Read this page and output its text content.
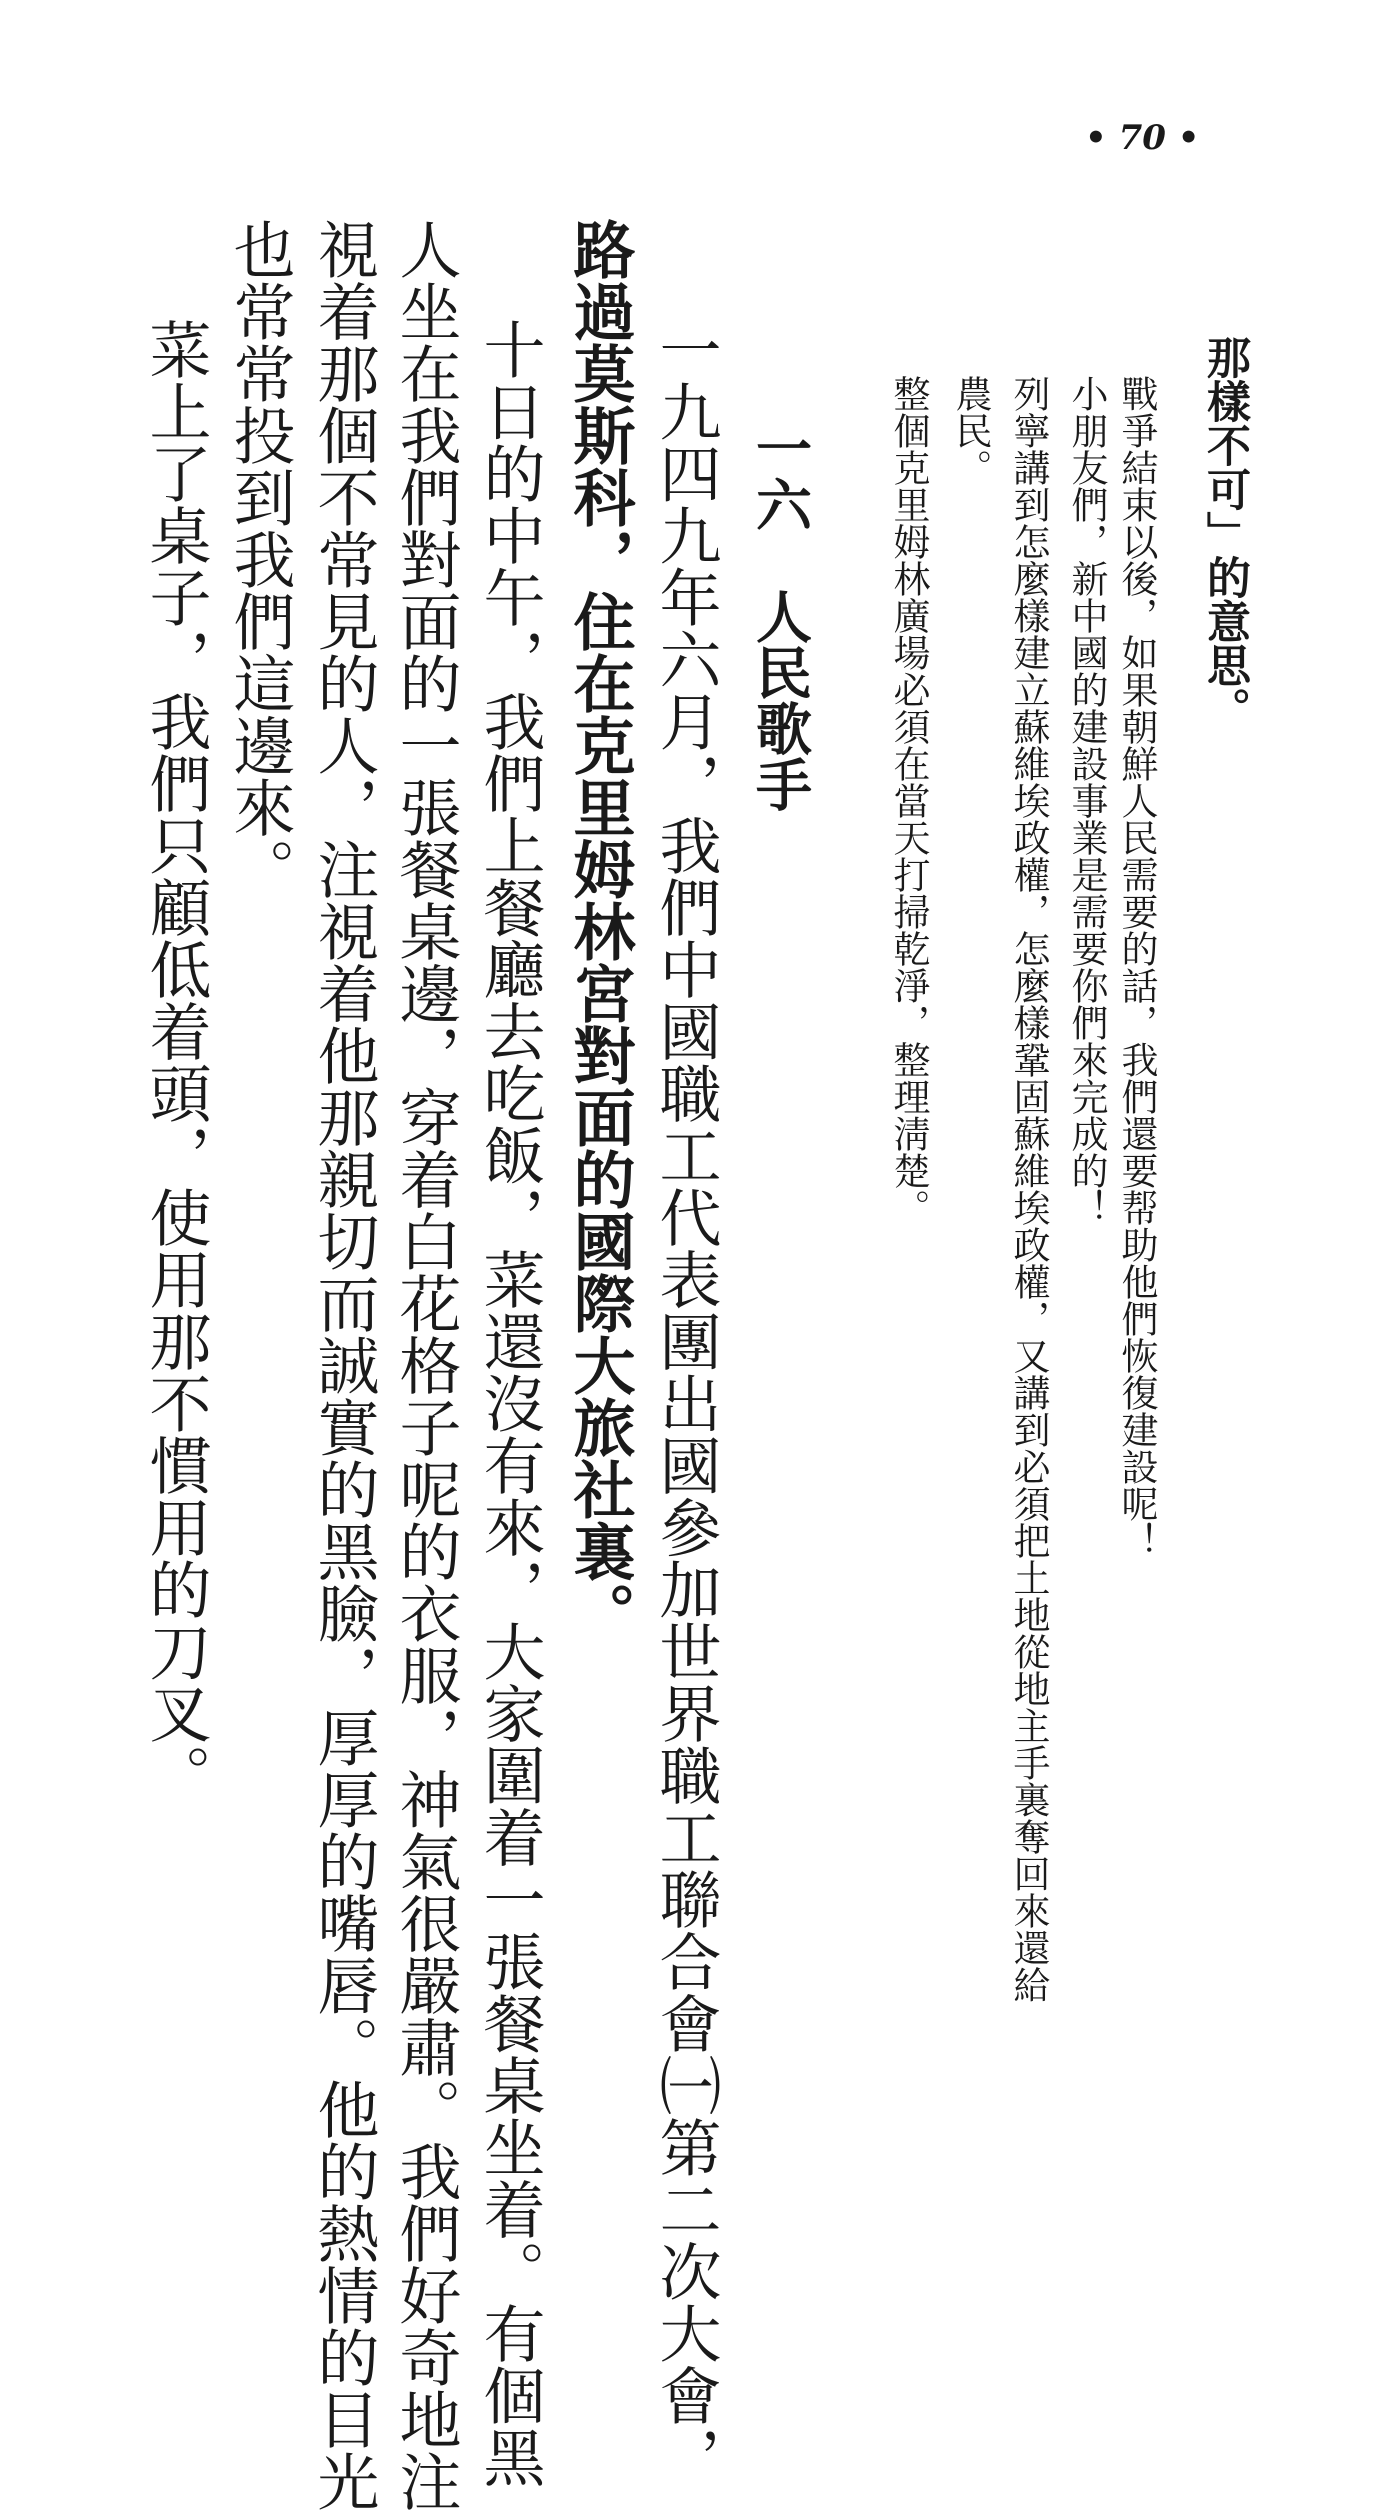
• 70 •
那樣不可」的意思。
戰爭結束以後，如果朝鮮人民需要的話，我們還要帮助他們恢復建設呢！
小朋友們，新中國的建設事業是需要你們來完成的！
列寧講到怎麼樣建立蘇維埃政權，怎麼樣鞏固蘇維埃政權，又講到必須把土地從地主手裏奪回來還給
農民。
整個克里姆林廣場必須在當天打掃乾淨，整理淸楚。
一六　人民歌手
一九四九年六月，我們中國職工代表團出國參加世界職工聯合會㈠第二次大會，
路過莫斯科，住在克里姆林宮對面的國際大旅社裏。
十日的中午，我們上餐廳去吃飯，菜還沒有來，大家圍着一張餐桌坐着。有個黑
人坐在我們對面的一張餐桌邊，穿着白花格子呢的衣服，神氣很嚴肅。我們好奇地注
視着那個不常見的人，注視着他那親切而誠實的黑臉，厚厚的嘴唇。他的熱情的目光
也常常投到我們這邊來。
菜上了桌子，我們只顧低着頭，使用那不慣用的刀叉。
